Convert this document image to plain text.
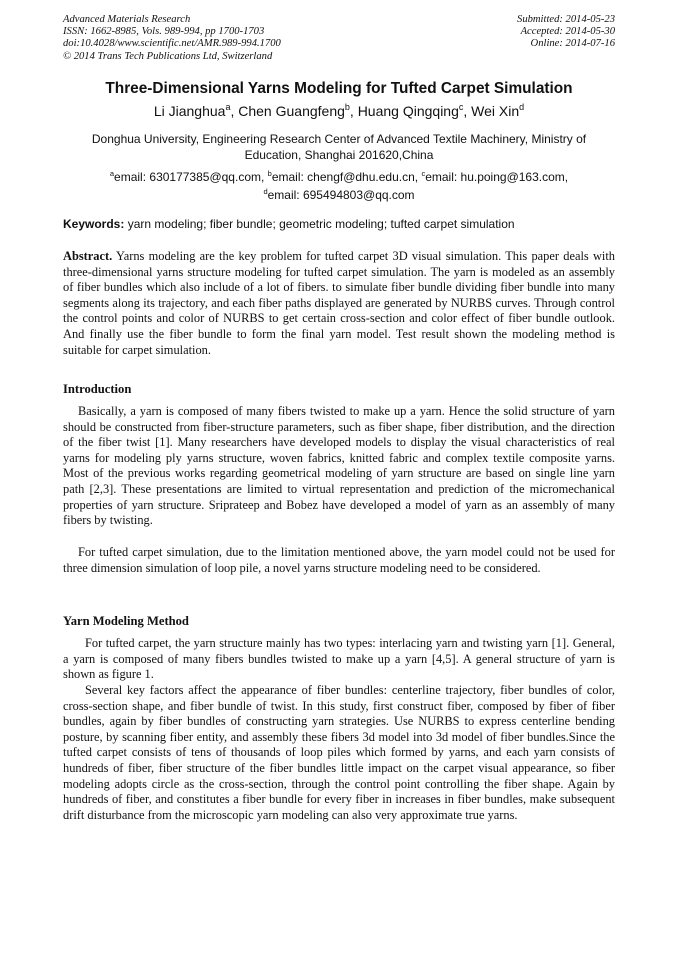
Advanced Materials Research
ISSN: 1662-8985, Vols. 989-994, pp 1700-1703
doi:10.4028/www.scientific.net/AMR.989-994.1700
© 2014 Trans Tech Publications Ltd, Switzerland
Submitted: 2014-05-23
Accepted: 2014-05-30
Online: 2014-07-16
Three-Dimensional Yarns Modeling for Tufted Carpet Simulation
Li Jianghua$^a$, Chen Guangfeng$^b$, Huang Qingqing$^c$, Wei Xin$^d$
Donghua University, Engineering Research Center of Advanced Textile Machinery, Ministry of Education, Shanghai 201620,China
$^a$email: 630177385@qq.com, $^b$email: chengf@dhu.edu.cn, $^c$email: hu.poing@163.com,
$^d$email: 695494803@qq.com
Keywords: yarn modeling; fiber bundle; geometric modeling; tufted carpet simulation
Abstract. Yarns modeling are the key problem for tufted carpet 3D visual simulation. This paper deals with three-dimensional yarns structure modeling for tufted carpet simulation. The yarn is modeled as an assembly of fiber bundles which also include of a lot of fibers. to simulate fiber bundle dividing fiber bundle into many segments along its trajectory, and each fiber paths displayed are generated by NURBS curves. Through control the control points and color of NURBS to get certain cross-section and color effect of fiber bundle outlook. And finally use the fiber bundle to form the final yarn model. Test result shown the modeling method is suitable for carpet simulation.
Introduction
Basically, a yarn is composed of many fibers twisted to make up a yarn. Hence the solid structure of yarn should be constructed from fiber-structure parameters, such as fiber shape, fiber distribution, and the direction of the fiber twist [1]. Many researchers have developed models to display the visual characteristics of real yarns for modeling ply yarns structure, woven fabrics, knitted fabric and complex textile composite yarns. Most of the previous works regarding geometrical modeling of yarn structure are based on single line yarn path [2,3]. These presentations are limited to virtual representation and prediction of the micromechanical properties of yarn structure. Sriprateep and Bobez have developed a model of yarn as an assembly of many fibers by twisting.
For tufted carpet simulation, due to the limitation mentioned above, the yarn model could not be used for three dimension simulation of loop pile, a novel yarns structure modeling need to be considered.
Yarn Modeling Method
For tufted carpet, the yarn structure mainly has two types: interlacing yarn and twisting yarn [1]. General, a yarn is composed of many fibers bundles twisted to make up a yarn [4,5]. A general structure of yarn is shown as figure 1.
Several key factors affect the appearance of fiber bundles: centerline trajectory, fiber bundles of color, cross-section shape, and fiber bundle of twist. In this study, first construct fiber, composed by fiber of fiber bundles, again by fiber bundles of constructing yarn strategies. Use NURBS to express centerline bending posture, by scanning fiber entity, and assembly these fibers 3d model into 3d model of fiber bundles.Since the tufted carpet consists of tens of thousands of loop piles which formed by yarns, and each yarn consists of hundreds of fiber, fiber structure of the fiber bundles little impact on the carpet visual appearance, so fiber modeling adopts circle as the cross-section, through the control point controlling the fiber shape. Again by hundreds of fiber, and constitutes a fiber bundle for every fiber in increases in fiber bundles, make subsequent drift disturbance from the microscopic yarn modeling can also very approximate true yarns.
